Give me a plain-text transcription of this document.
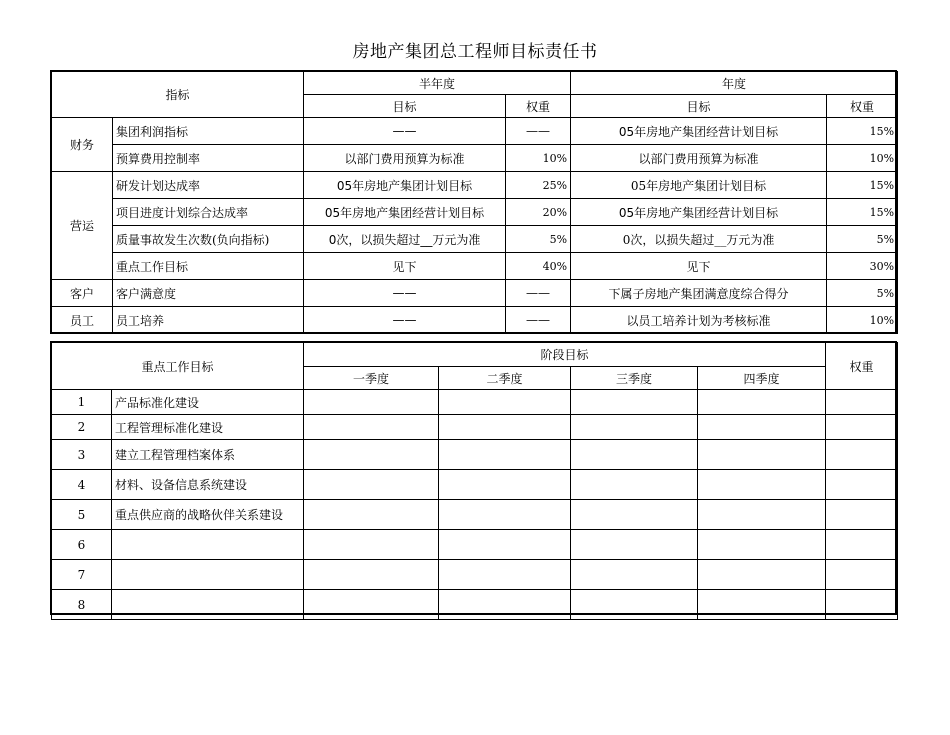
房地产集团总工程师目标责任书
指标		半年度		年度	
		目标	权重	目标	权重
财务	集团利润指标	——	——	05年房地产集团经营计划目标	15%
	预算费用控制率	以部门费用预算为标准	10%	以部门费用预算为标准	10%
营运	研发计划达成率	05年房地产集团计划目标	25%	05年房地产集团计划目标	15%
	项目进度计划综合达成率	05年房地产集团经营计划目标	20%	05年房地产集团经营计划目标	15%
	质量事故发生次数(负向指标)	0次，以损失超过__万元为准	5%	0次，以损失超过__万元为准	5%
	重点工作目标	见下	40%	见下	30%
客户	客户满意度	——	——	下属子房地产集团满意度综合得分	5%
员工	员工培养	——	——	以员工培养计划为考核标准	10%
重点工作目标		阶段目标				权重
		一季度	二季度	三季度	四季度	
1	产品标准化建设					
2	工程管理标准化建设					
3	建立工程管理档案体系					
4	材料、设备信息系统建设					
5	重点供应商的战略伙伴关系建设					
6						
7						
8						
